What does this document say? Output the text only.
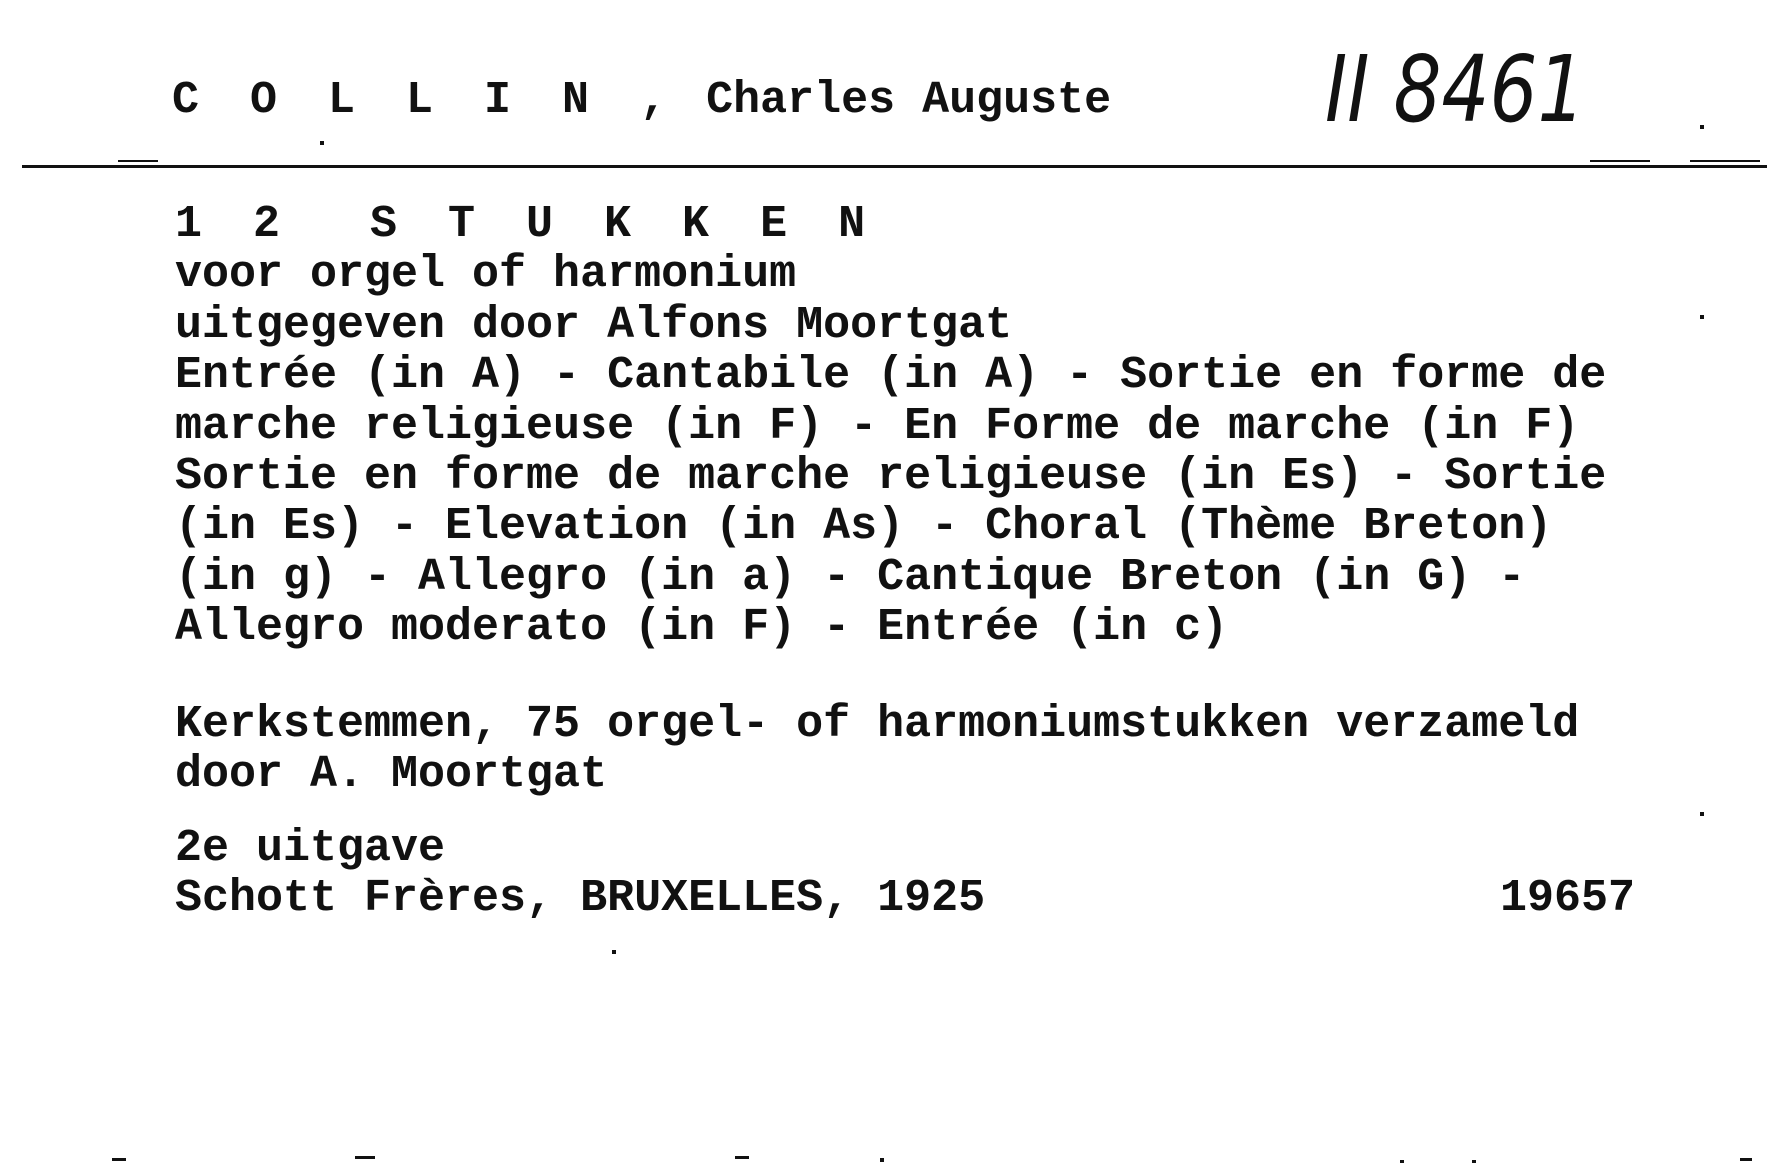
C O L L I N , Charles Auguste II 8461
1 2  S T U K K E N
voor orgel of harmonium
uitgegeven door Alfons Moortgat
Entrée (in A) - Cantabile (in A) - Sortie en forme de
marche religieuse (in F) - En Forme de marche (in F)
Sortie en forme de marche religieuse (in Es) - Sortie
(in Es) - Elevation (in As) - Choral (Thème Breton)
(in g) - Allegro (in a) - Cantique Breton (in G) -
Allegro moderato (in F) - Entrée (in c)
Kerkstemmen, 75 orgel- of harmoniumstukken verzameld
door A. Moortgat
2e uitgave
Schott Frères, BRUXELLES, 1925	19657
